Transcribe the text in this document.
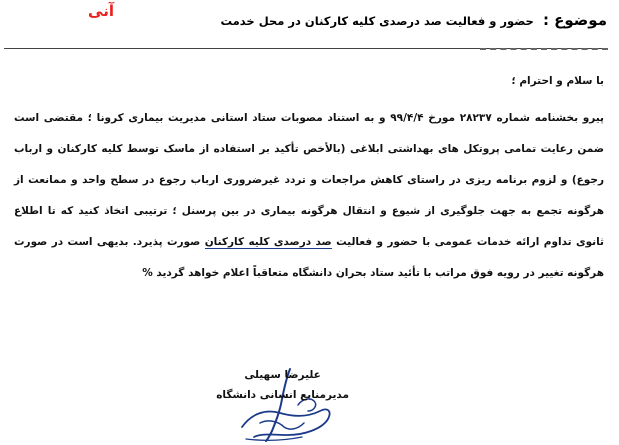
آنی	موضوع : حضور و فعالیت صد درصدی کلیه کارکنان در محل خدمت
با سلام و احترام ؛
پیرو بخشنامه شماره ۲۸۲۳۷ مورخ ۹۹/۴/۴ و به استناد مصوبات ستاد استانی مدیریت بیماری کرونا ؛ مقتضی است ضمن رعایت تمامی پروتکل های بهداشتی ابلاغی (بالأخص تأکید بر استفاده از ماسک توسط کلیه کارکنان و ارباب رجوع) و لزوم برنامه ریزی در راستای کاهش مراجعات و تردد غیرضروری ارباب رجوع در سطح واحد و ممانعت از هرگونه تجمع به جهت جلوگیری از شیوع و انتقال هرگونه بیماری در بین پرسنل ؛ ترتیبی اتخاذ کنید که تا اطلاع ثانوی تداوم ارائه خدمات عمومی با حضور و فعالیت صد درصدی کلیه کارکنان صورت پذیرد. بدیهی است در صورت هرگونه تغییر در رویه فوق مراتب با تأئید ستاد بحران دانشگاه متعاقباً اعلام خواهد گردید %
علیرضا سهیلی
مدیرمنابع انسانی دانشگاه
